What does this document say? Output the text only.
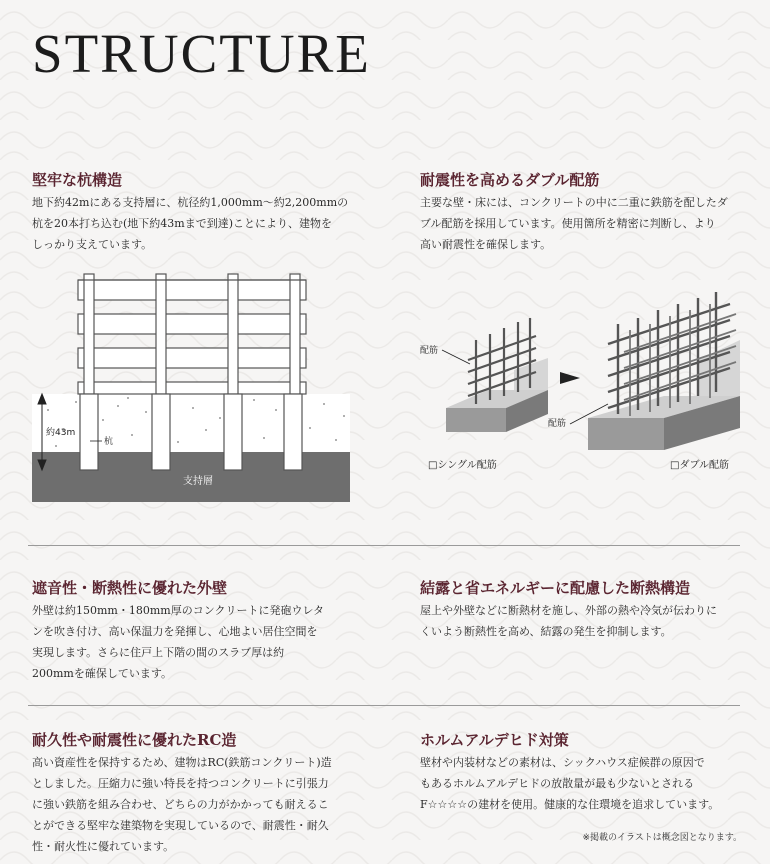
STRUCTURE
堅牢な杭構造
地下約42mにある支持層に、杭径約1,000mm～約2,200mmの
杭を20本打ち込む(地下約43mまで到達)ことにより、建物を
しっかり支えています。
耐震性を高めるダブル配筋
主要な壁・床には、コンクリートの中に二重に鉄筋を配したダ
ブル配筋を採用しています。使用箇所を精密に判断し、より
高い耐震性を確保します。
支持層
約43m
杭
配筋
配筋
□シングル配筋	□ダブル配筋
遮音性・断熱性に優れた外壁
外壁は約150mm・180mm厚のコンクリートに発砲ウレタ
ンを吹き付け、高い保温力を発揮し、心地よい居住空間を
実現します。さらに住戸上下階の間のスラブ厚は約
200mmを確保しています。
結露と省エネルギーに配慮した断熱構造
屋上や外壁などに断熱材を施し、外部の熱や冷気が伝わりに
くいよう断熱性を高め、結露の発生を抑制します。
耐久性や耐震性に優れたRC造
高い資産性を保持するため、建物はRC(鉄筋コンクリート)造
としました。圧縮力に強い特長を持つコンクリートに引張力
に強い鉄筋を組み合わせ、どちらの力がかかっても耐えるこ
とができる堅牢な建築物を実現しているので、耐震性・耐久
性・耐火性に優れています。
ホルムアルデヒド対策
壁材や内装材などの素材は、シックハウス症候群の原因で
もあるホルムアルデヒドの放散量が最も少ないとされる
F☆☆☆☆の建材を使用。健康的な住環境を追求しています。
※掲載のイラストは概念図となります。
